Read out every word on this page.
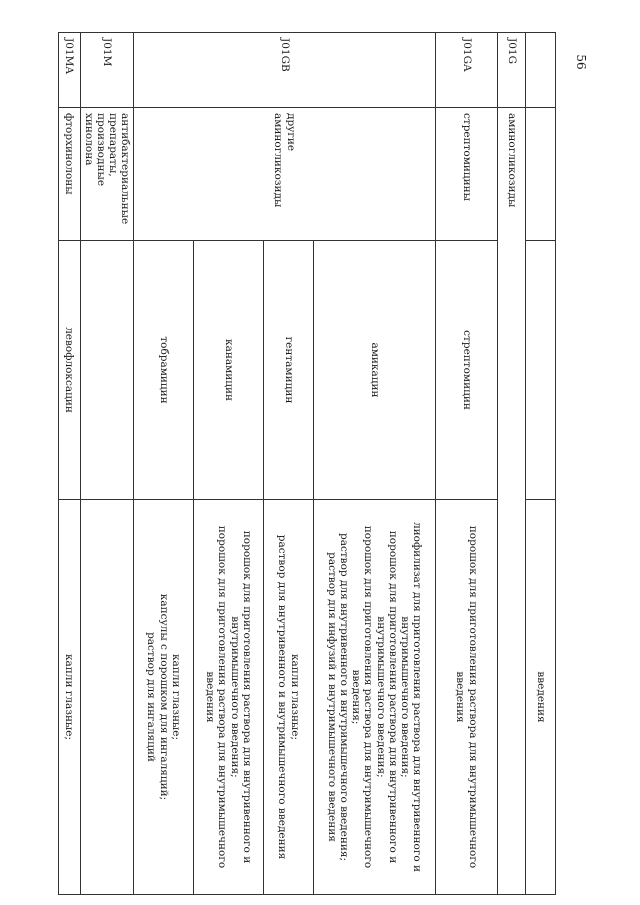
56
			введения
J01G	аминогликозиды		
J01GA	стрептомицины	стрептомицин	порошок для приготовления раствора для внутримышечного введения

J01GB	другие аминогликозиды	амикацин	лиофилизат для приготовления раствора для внутривенного и внутримышечного введения;
порошок для приготовления раствора для внутривенного и внутримышечного введения;
порошок для приготовления раствора для внутримышечного введения;
раствор для внутривенного и внутримышечного введения;
раствор для инфузий и внутримышечного введения

		гентамицин	капли глазные;
раствор для внутривенного и внутримышечного введения

		канамицин	порошок для приготовления раствора для внутривенного и внутримышечного введения;
порошок для приготовления раствора для внутримышечного введения

		тобрамицин	капли глазные;
капсулы с порошком для ингаляций;
раствор для ингаляций

J01M	антибактериальные препараты,
производные хинолона		

J01MA	фторхинолоны	левофлоксацин	капли глазные;
